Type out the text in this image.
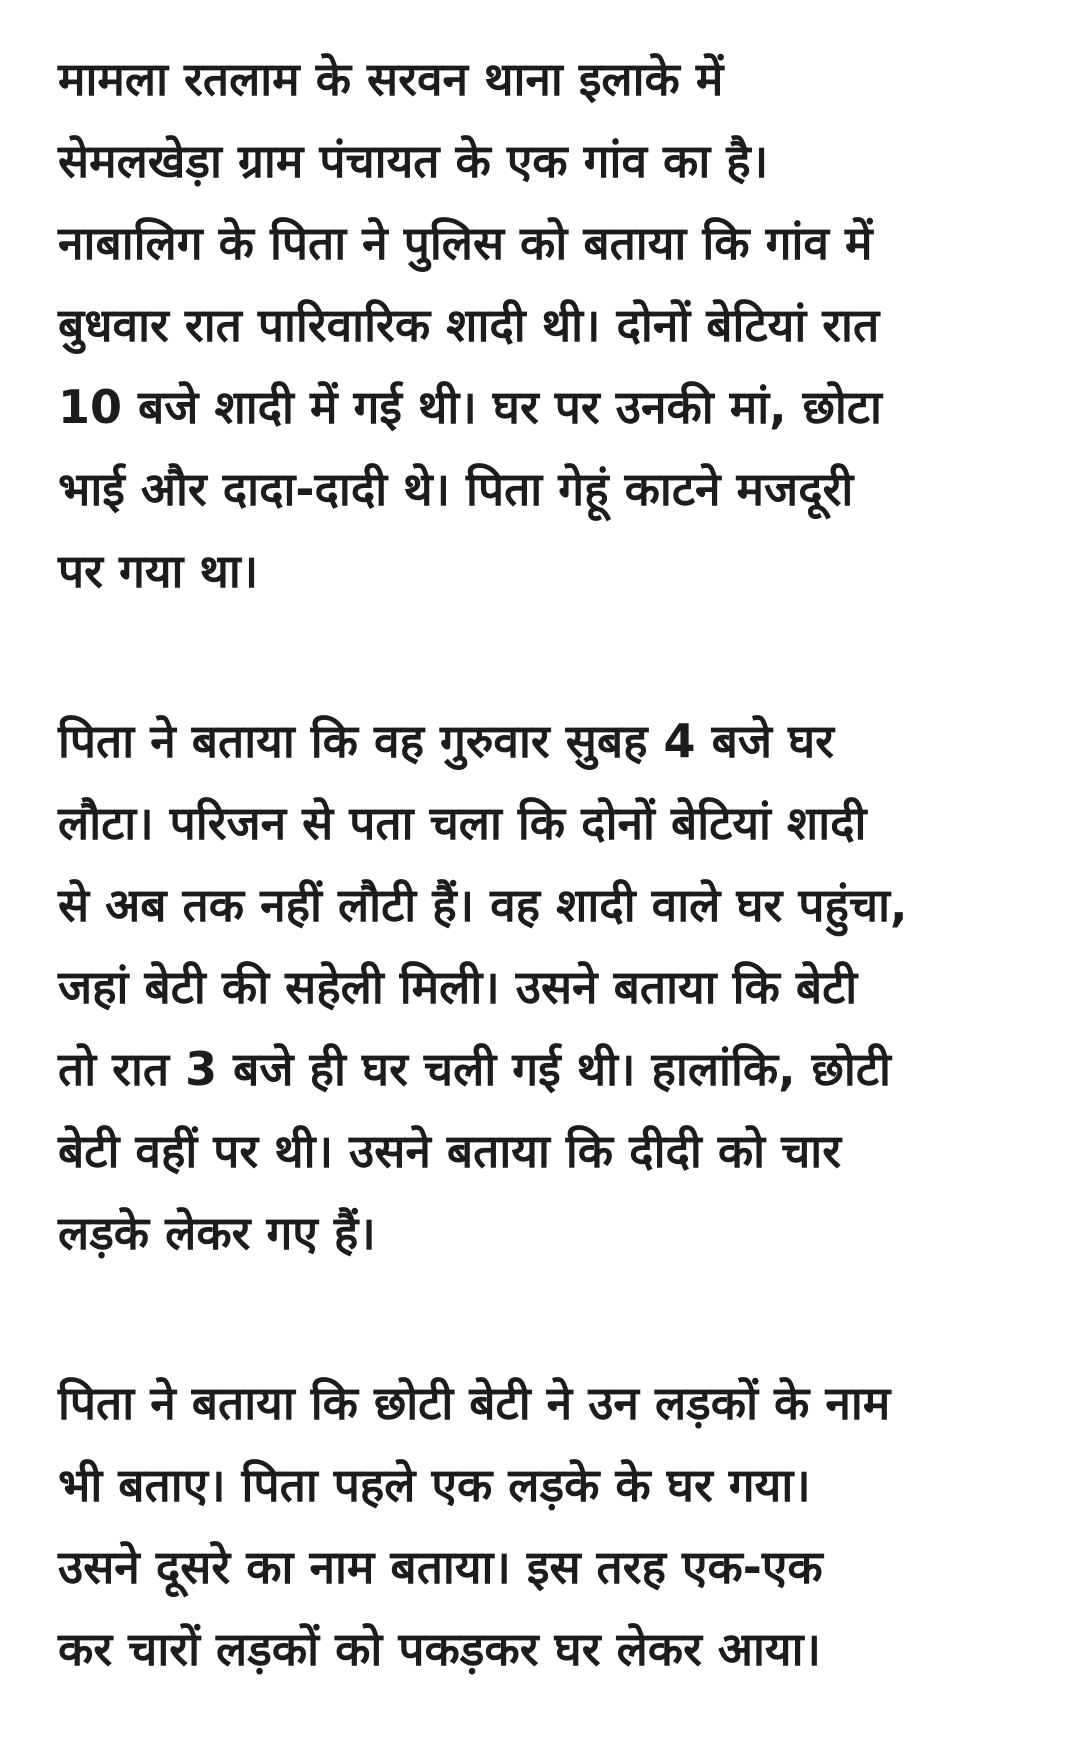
मामला रतलाम के सरवन थाना इलाके में
सेमलखेड़ा ग्राम पंचायत के एक गांव का है।
नाबालिग के पिता ने पुलिस को बताया कि गांव में
बुधवार रात पारिवारिक शादी थी। दोनों बेटियां रात
10 बजे शादी में गई थी। घर पर उनकी मां, छोटा
भाई और दादा-दादी थे। पिता गेहूं काटने मजदूरी
पर गया था।

पिता ने बताया कि वह गुरुवार सुबह 4 बजे घर
लौटा। परिजन से पता चला कि दोनों बेटियां शादी
से अब तक नहीं लौटी हैं। वह शादी वाले घर पहुंचा,
जहां बेटी की सहेली मिली। उसने बताया कि बेटी
तो रात 3 बजे ही घर चली गई थी। हालांकि, छोटी
बेटी वहीं पर थी। उसने बताया कि दीदी को चार
लड़के लेकर गए हैं।

पिता ने बताया कि छोटी बेटी ने उन लड़कों के नाम
भी बताए। पिता पहले एक लड़के के घर गया।
उसने दूसरे का नाम बताया। इस तरह एक-एक
कर चारों लड़कों को पकड़कर घर लेकर आया।
